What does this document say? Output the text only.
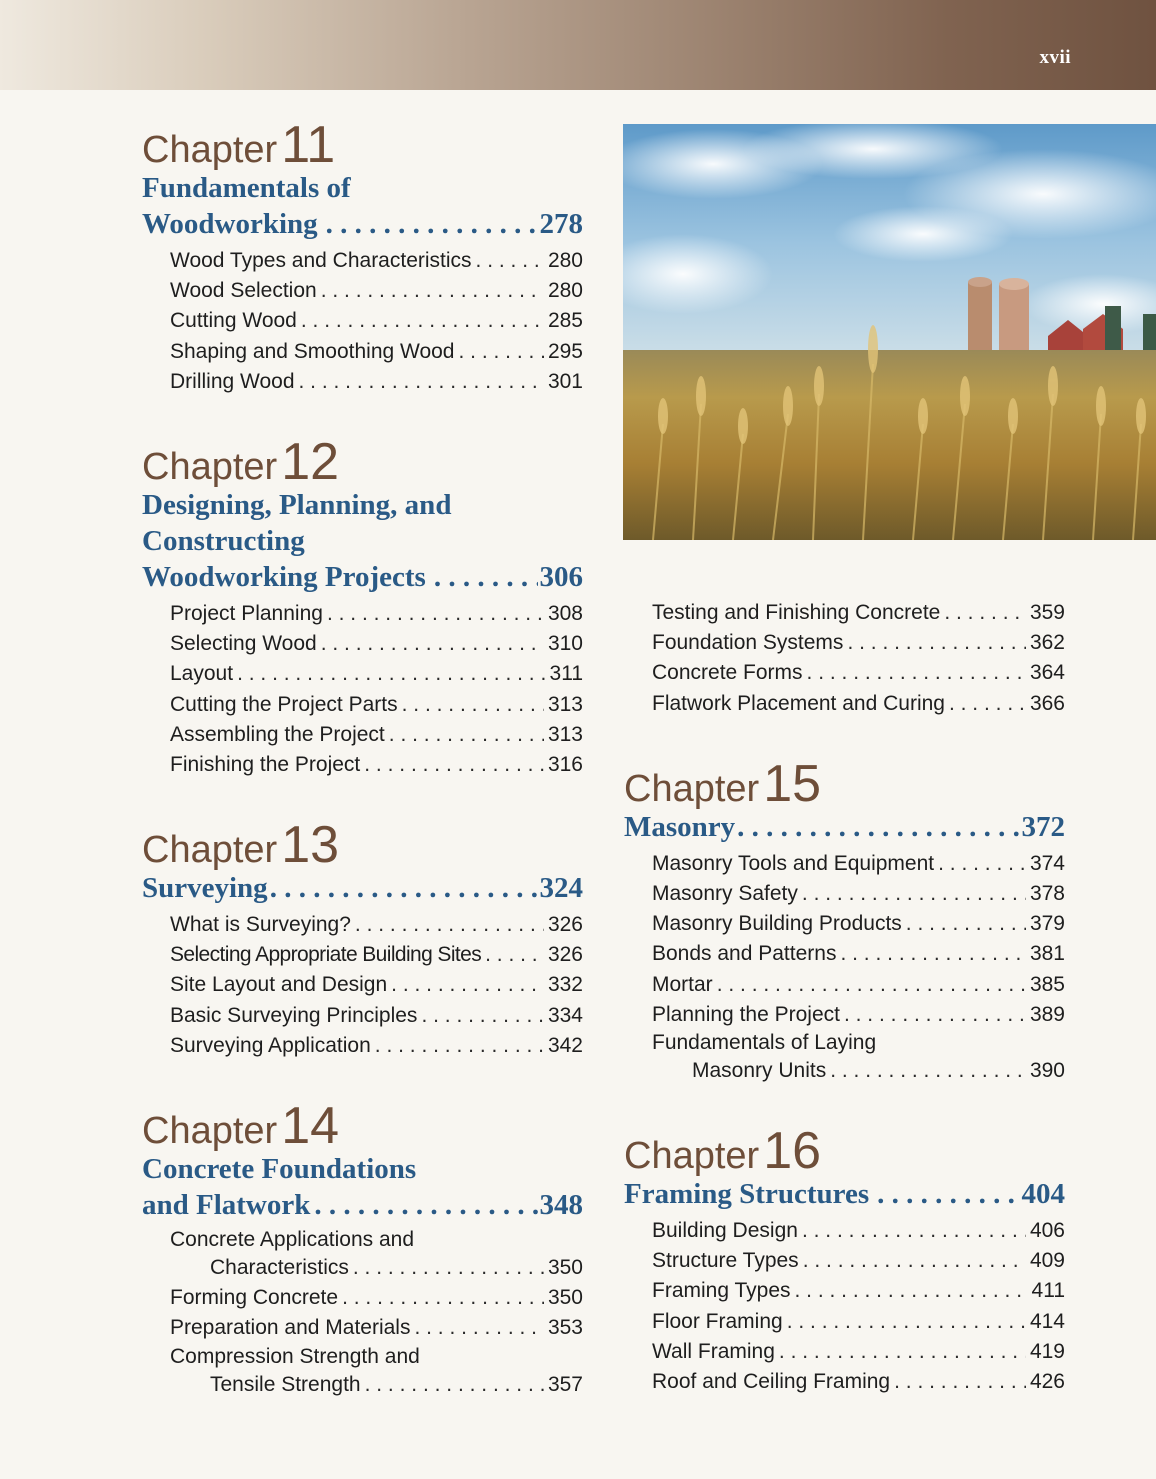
xvii
Chapter11
Fundamentals of
Woodworking . . .	278
Wood Types and Characteristics . . .	280
Wood Selection . . .	280
Cutting Wood . . .	285
Shaping and Smoothing Wood . . .	295
Drilling Wood . . .	301
Chapter12
Designing, Planning, and
Constructing
Woodworking Projects . . .	306
Project Planning . . .	308
Selecting Wood . . .	310
Layout . . .	311
Cutting the Project Parts . . .	313
Assembling the Project . . .	313
Finishing the Project . . .	316
Chapter13
Surveying . . .	324
What is Surveying? . . .	326
Selecting Appropriate Building Sites . . .	326
Site Layout and Design . . .	332
Basic Surveying Principles . . .	334
Surveying Application . . .	342
Chapter14
Concrete Foundations
and Flatwork . . .	348
Concrete Applications and
Characteristics . . .	350
Forming Concrete . . .	350
Preparation and Materials . . .	353
Compression Strength and
Tensile Strength . . .	357
Testing and Finishing Concrete . . .	359
Foundation Systems . . .	362
Concrete Forms . . .	364
Flatwork Placement and Curing . . .	366
Chapter15
Masonry . . .	372
Masonry Tools and Equipment . . .	374
Masonry Safety . . .	378
Masonry Building Products . . .	379
Bonds and Patterns . . .	381
Mortar . . .	385
Planning the Project . . .	389
Fundamentals of Laying
Masonry Units . . .	390
Chapter16
Framing Structures . . .	404
Building Design . . .	406
Structure Types . . .	409
Framing Types . . .	411
Floor Framing . . .	414
Wall Framing . . .	419
Roof and Ceiling Framing . . .	426
